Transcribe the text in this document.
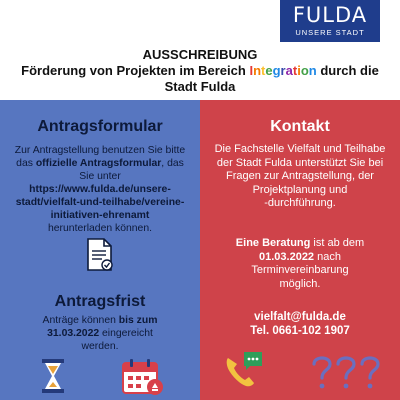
FULDA
UNSERE STADT
AUSSCHREIBUNG
Förderung von Projekten im Bereich Integration durch die
Stadt Fulda
Antragsformular
Zur Antragstellung benutzen Sie bitte
das offizielle Antragsformular, das
Sie unter
https://www.fulda.de/unsere-
stadt/vielfalt-und-teilhabe/vereine-
initiativen-ehrenamt
herunterladen können.
Antragsfrist
Anträge können bis zum
31.03.2022 eingereicht
werden.
Kontakt
Die Fachstelle Vielfalt und Teilhabe
der Stadt Fulda unterstützt Sie bei
Fragen zur Antragstellung, der
Projektplanung und
-durchführung.
Eine Beratung ist ab dem
01.03.2022 nach
Terminvereinbarung
möglich.
vielfalt@fulda.de
Tel. 0661-102 1907
